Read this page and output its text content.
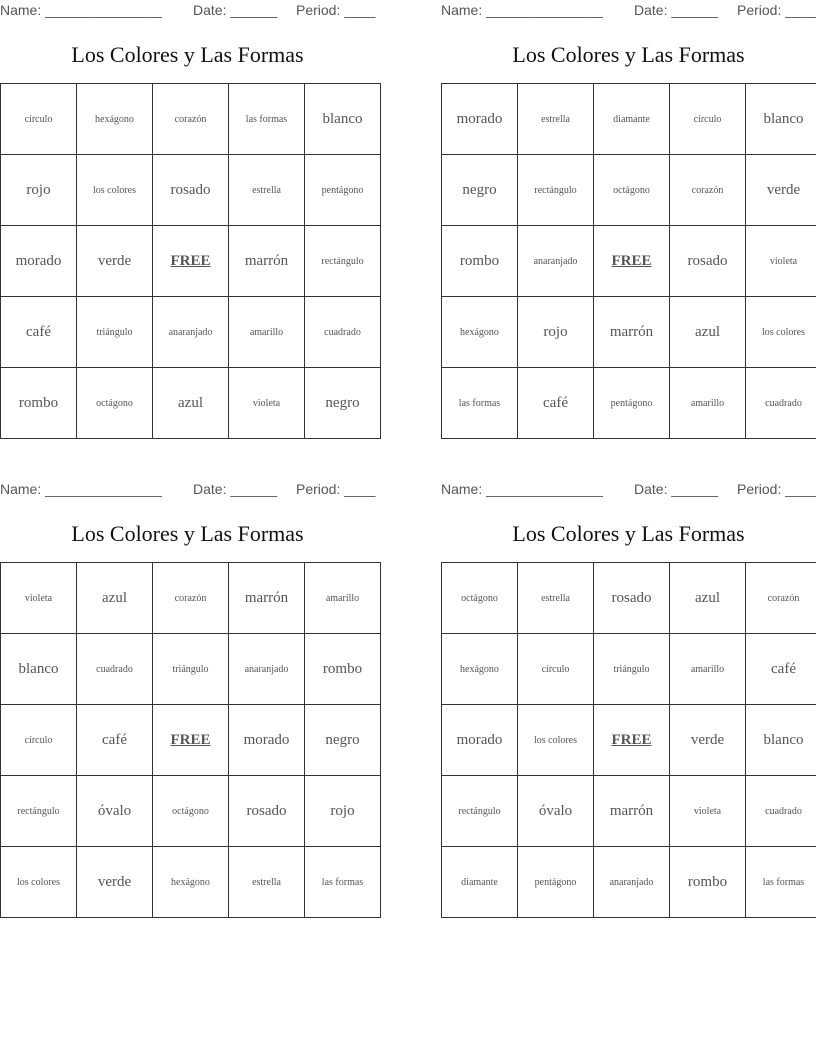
Name: _______________ Date: ______ Period: ____
Los Colores y Las Formas
círculo	hexágono	corazón	las formas	blanco
rojo	los colores	rosado	estrella	pentágono
morado	verde	FREE	marrón	rectángulo
café	triángulo	anaranjado	amarillo	cuadrado
rombo	octágono	azul	violeta	negro
Name: _______________ Date: ______ Period: ____
Los Colores y Las Formas
morado	estrella	diamante	círculo	blanco
negro	rectángulo	octágono	corazón	verde
rombo	anaranjado	FREE	rosado	violeta
hexágono	rojo	marrón	azul	los colores
las formas	café	pentágono	amarillo	cuadrado
Name: _______________ Date: ______ Period: ____
Los Colores y Las Formas
violeta	azul	corazón	marrón	amarillo
blanco	cuadrado	triángulo	anaranjado	rombo
círculo	café	FREE	morado	negro
rectángulo	óvalo	octágono	rosado	rojo
los colores	verde	hexágono	estrella	las formas
Name: _______________ Date: ______ Period: ____
Los Colores y Las Formas
octágono	estrella	rosado	azul	corazón
hexágono	círculo	triángulo	amarillo	café
morado	los colores	FREE	verde	blanco
rectángulo	óvalo	marrón	violeta	cuadrado
diamante	pentágono	anaranjado	rombo	las formas
